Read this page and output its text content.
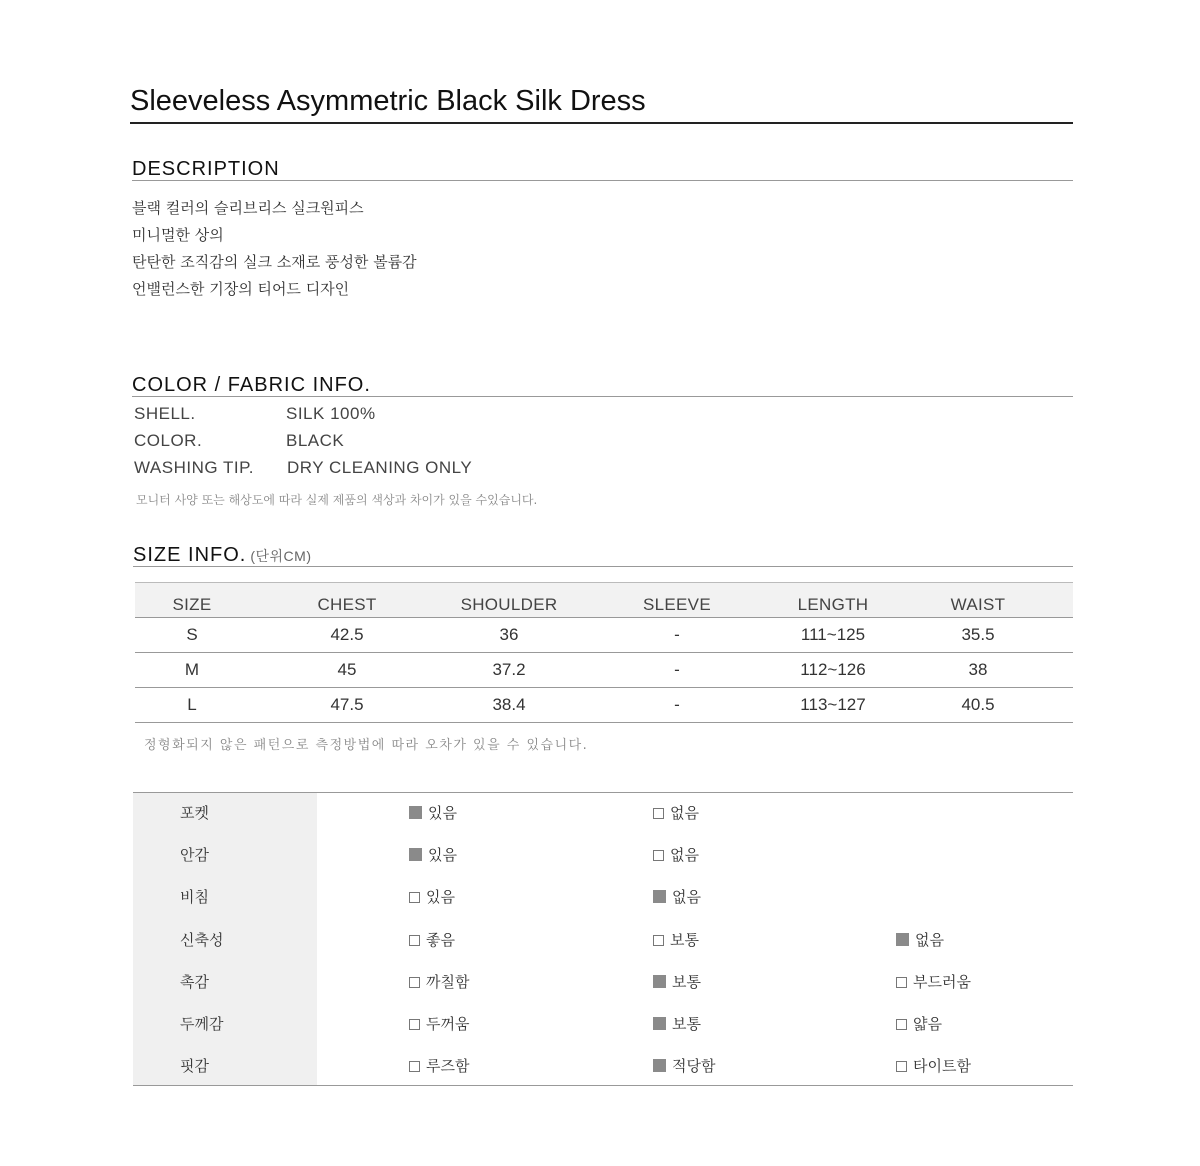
Sleeveless Asymmetric Black Silk Dress
DESCRIPTION
블랙 컬러의 슬리브리스 실크원피스
미니멀한 상의
탄탄한 조직감의 실크 소재로 풍성한 볼륨감
언밸런스한 기장의 티어드 디자인
COLOR / FABRIC INFO.
SHELL.	SILK 100%
COLOR.	BLACK
WASHING TIP. DRY CLEANING ONLY
모니터 사양 또는 해상도에 따라 실제 제품의 색상과 차이가 있을 수있습니다.
SIZE INFO. (단위CM)
SIZE	CHEST	SHOULDER	SLEEVE	LENGTH	WAIST
S	42.5	36	-	111~125	35.5
M	45	37.2	-	112~126	38
L	47.5	38.4	-	113~127	40.5
정형화되지 않은 패턴으로 측정방법에 따라 오차가 있을 수 있습니다.
포켓	있음	없음
안감	있음	없음
비침	있음	없음
신축성	좋음	보통	없음
촉감	까칠함	보통	부드러움
두께감	두꺼움	보통	얇음
핏감	루즈함	적당함	타이트함
